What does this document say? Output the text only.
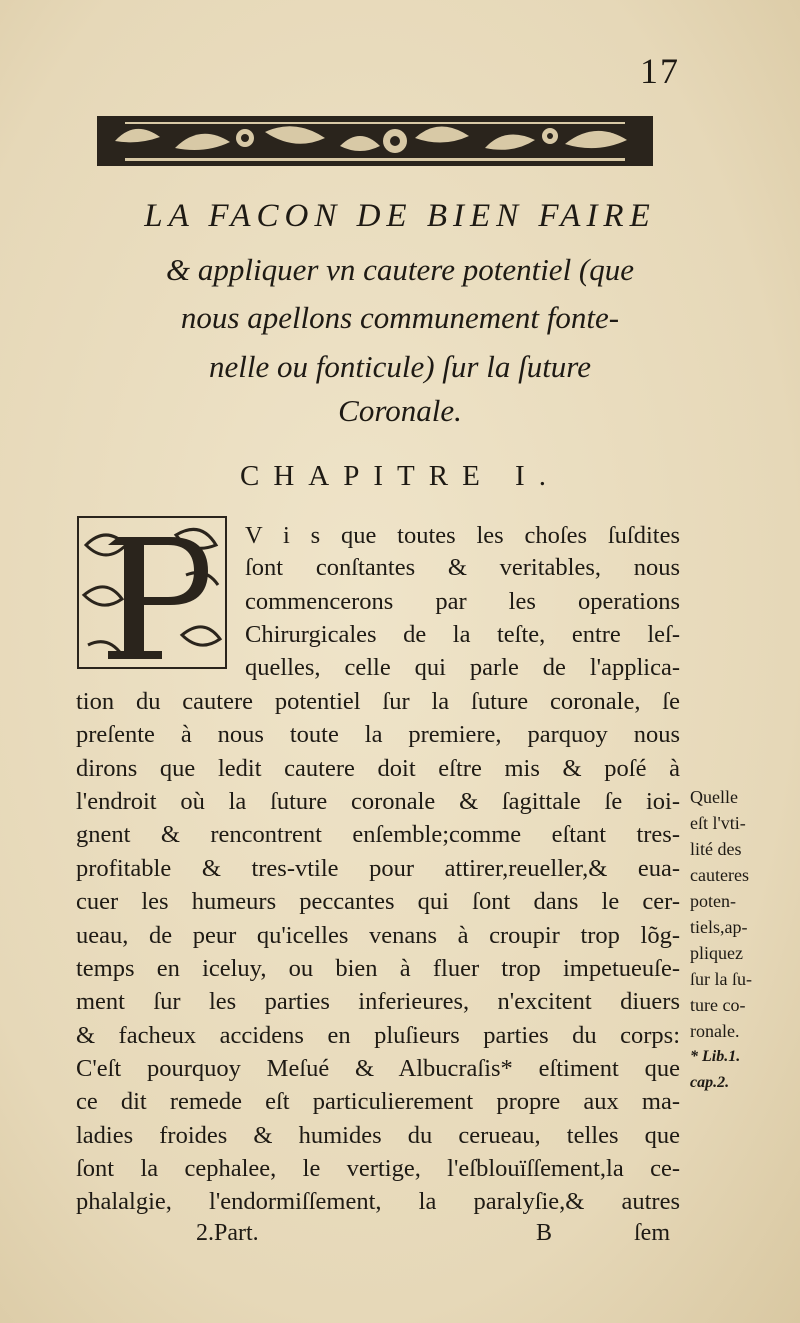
17
LA FACON DE BIEN FAIRE
& appliquer vn cautere potentiel (que
nous apellons communement fonte-
nelle ou fonticule) ſur la ſuture
Coronale.
CHAPITRE I.
V i s que toutes les choſes ſuſdites
ſont conſtantes & veritables, nous
commencerons par les operations
Chirurgicales de la teſte, entre leſ-
quelles, celle qui parle de l'applica-
tion du cautere potentiel ſur la ſuture coronale, ſe
preſente à nous toute la premiere, parquoy nous
dirons que ledit cautere doit eſtre mis & poſé à
l'endroit où la ſuture coronale & ſagittale ſe ioi-
gnent & rencontrent enſemble;comme eſtant tres-
profitable & tres-vtile pour attirer,reueller,& eua-
cuer les humeurs peccantes qui ſont dans le cer-
ueau, de peur qu'icelles venans à croupir trop lõg-
temps en iceluy, ou bien à fluer trop impetueuſe-
ment ſur les parties inferieures, n'excitent diuers
& facheux accidens en pluſieurs parties du corps:
C'eſt pourquoy Meſué & Albucraſis* eſtiment que
ce dit remede eſt particulierement propre aux ma-
ladies froides & humides du cerueau, telles que
ſont la cephalee, le vertige, l'eſblouïſſement,la ce-
phalalgie, l'endormiſſement, la paralyſie,& autres
Quelle
eſt l'vti-
lité des
cauteres
poten-
tiels,ap-
pliquez
ſur la ſu-
ture co-
ronale.
* Lib.1.
cap.2.
2.Part.	B	ſem
